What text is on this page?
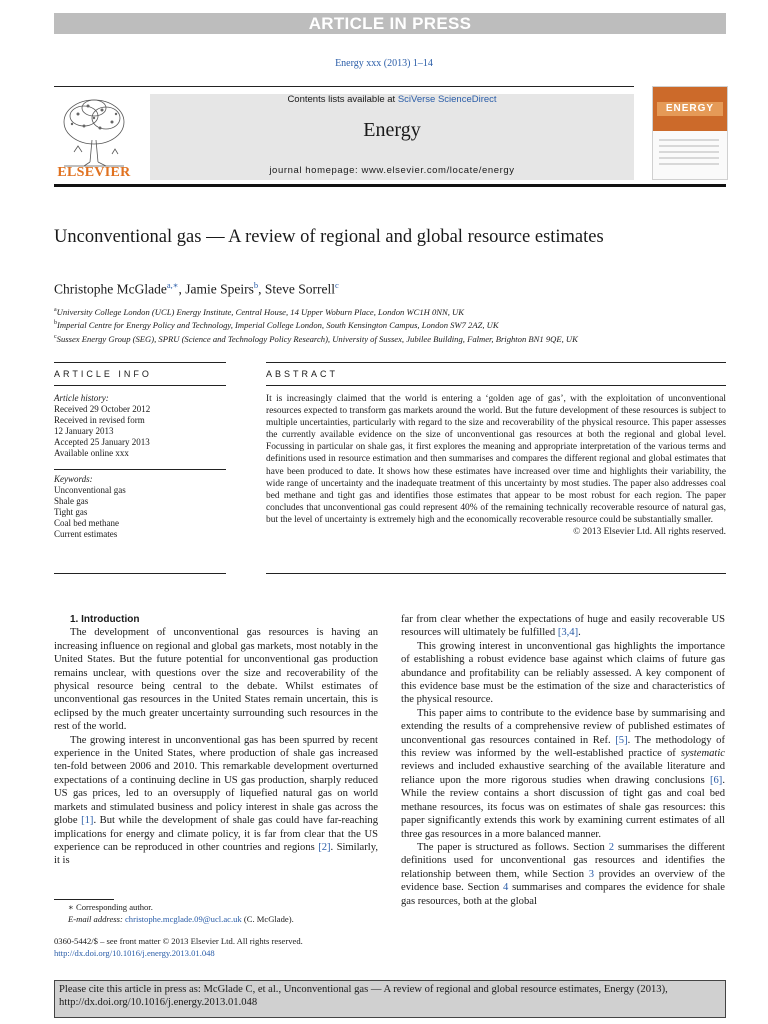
ARTICLE IN PRESS
Energy xxx (2013) 1–14
ELSEVIER
Contents lists available at SciVerse ScienceDirect
Energy
journal homepage: www.elsevier.com/locate/energy
ENERGY
Unconventional gas — A review of regional and global resource estimates
Christophe McGlade$^{a,∗}$, Jamie Speirs$^b$, Steve Sorrell$^c$
$^a$University College London (UCL) Energy Institute, Central House, 14 Upper Woburn Place, London WC1H 0NN, UK
$^b$Imperial Centre for Energy Policy and Technology, Imperial College London, South Kensington Campus, London SW7 2AZ, UK
$^c$Sussex Energy Group (SEG), SPRU (Science and Technology Policy Research), University of Sussex, Jubilee Building, Falmer, Brighton BN1 9QE, UK
ARTICLE INFO	ABSTRACT
Article history:
Received 29 October 2012
Received in revised form
12 January 2013
Accepted 25 January 2013
Available online xxx
Keywords:
Unconventional gas
Shale gas
Tight gas
Coal bed methane
Current estimates
It is increasingly claimed that the world is entering a ‘golden age of gas’, with the exploitation of unconventional resources expected to transform gas markets around the world. But the future development of these resources is subject to multiple uncertainties, particularly with regard to the size and recoverability of the physical resource. This paper assesses the currently available evidence on the size of unconventional gas resources at both the regional and global level. Focussing in particular on shale gas, it first explores the meaning and appropriate interpretation of the various terms and definitions used in resource estimation and then summarises and compares the different regional and global estimates that have been produced to date. It shows how these estimates have increased over time and highlights their variability, the wide range of uncertainty and the inadequate treatment of this uncertainty by most studies. The paper also addresses coal bed methane and tight gas and identifies those estimates that appear to be most robust for each region. The paper concludes that unconventional gas could represent 40% of the remaining technically recoverable resource of natural gas, but the level of uncertainty is extremely high and the economically recoverable resource could be substantially smaller.
© 2013 Elsevier Ltd. All rights reserved.

1. Introduction

The development of unconventional gas resources is having an increasing influence on regional and global gas markets, most notably in the United States. But the future potential for unconventional gas production remains unclear, with questions over the size and recoverability of the physical resource being central to the debate. Whilst estimates of unconventional gas resources in the United States remain uncertain, this is eclipsed by the much greater uncertainty surrounding such resources in the rest of the world.

The growing interest in unconventional gas has been spurred by recent experience in the United States, where production of shale gas increased ten-fold between 2006 and 2010. This remarkable development overturned expectations of a continuing decline in US gas production, sharply reduced US gas prices, led to an oversupply of liquefied natural gas on world markets and stimulated business and policy interest in shale gas across the globe [1]. But while the development of shale gas could have far-reaching implications for energy and climate policy, it is far from clear that the US experience can be reproduced in other countries and regions [2]. Similarly, it is

far from clear whether the expectations of huge and easily recoverable US resources will ultimately be fulfilled [3,4].

This growing interest in unconventional gas highlights the importance of establishing a robust evidence base against which claims of future gas abundance and profitability can be reliably assessed. A key component of this evidence base must be the estimation of the size and characteristics of the physical resource.

This paper aims to contribute to the evidence base by summarising and extending the results of a comprehensive review of published estimates of unconventional gas resources contained in Ref. [5]. The methodology of this review was informed by the well-established practice of systematic reviews and included exhaustive searching of the available literature and reliance upon the more rigorous studies when drawing conclusions [6]. While the review contains a short discussion of tight gas and coal bed methane resources, its focus was on estimates of shale gas resources: this paper significantly extends this work by examining current estimates of all three gas resources in a more balanced manner.

The paper is structured as follows. Section 2 summarises the different definitions used for unconventional gas resources and identifies the relationship between them, while Section 3 provides an overview of the evidence base. Section 4 summarises and compares the evidence for shale gas resources, both at the global

∗ Corresponding author.
E-mail address: christophe.mcglade.09@ucl.ac.uk (C. McGlade).
0360-5442/$ – see front matter © 2013 Elsevier Ltd. All rights reserved.
http://dx.doi.org/10.1016/j.energy.2013.01.048
Please cite this article in press as: McGlade C, et al., Unconventional gas — A review of regional and global resource estimates, Energy (2013), http://dx.doi.org/10.1016/j.energy.2013.01.048
